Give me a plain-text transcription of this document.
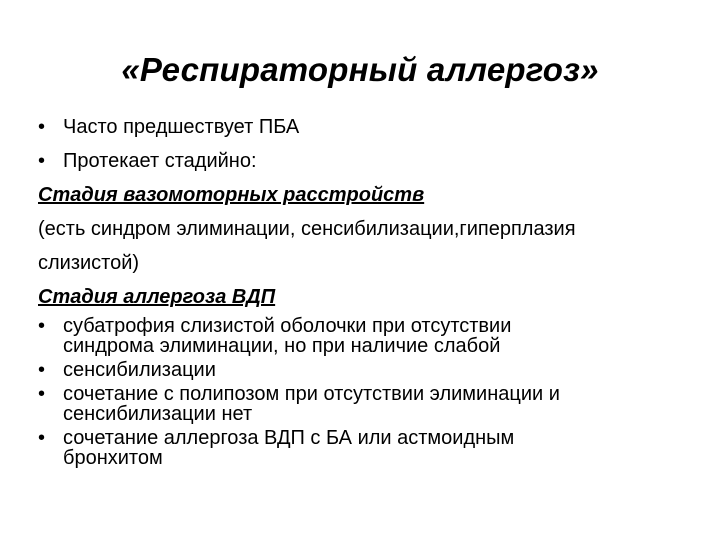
«Респираторный аллергоз»
• Часто предшествует ПБА
• Протекает стадийно:
Стадия вазомоторных расстройств
(есть синдром элиминации, сенсибилизации,гиперплазия
слизистой)
Стадия аллергоза ВДП
• субатрофия слизистой оболочки при отсутствии
синдрома элиминации, но при наличие слабой
• сенсибилизации
• сочетание с полипозом при отсутствии элиминации и
сенсибилизации нет
• сочетание аллергоза ВДП с БА или астмоидным
бронхитом
